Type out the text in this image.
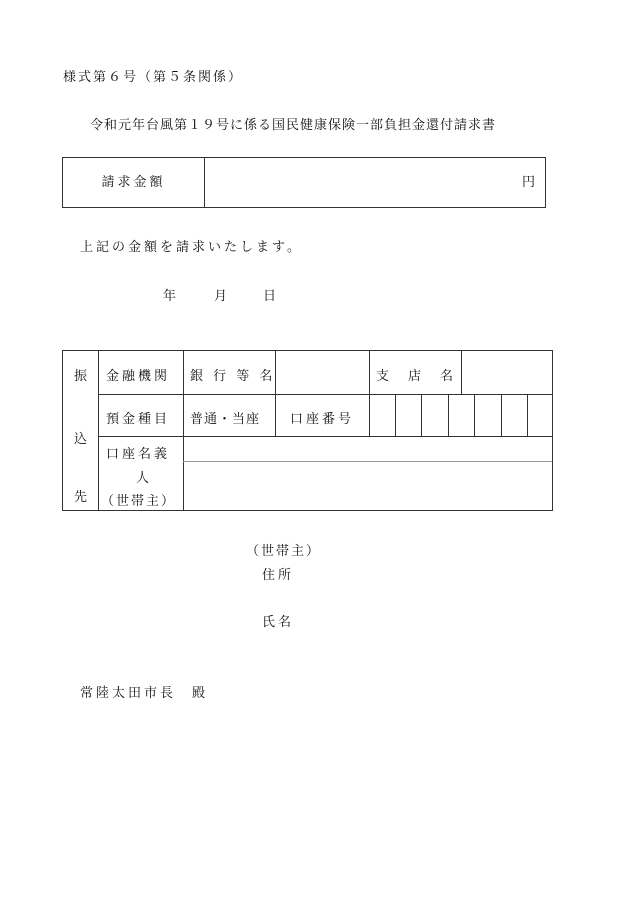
様式第６号（第５条関係）
令和元年台風第１９号に係る国民健康保険一部負担金還付請求書
請求金額	円
上記の金額を請求いたします。
年	月	日
振
込
先
金融機関 銀 行 等 名	支　店　名
預金種目 普通・当座 口座番号
口座名義
人
（世帯主）
（世帯主）
住所
氏名
常陸太田市長　殿
